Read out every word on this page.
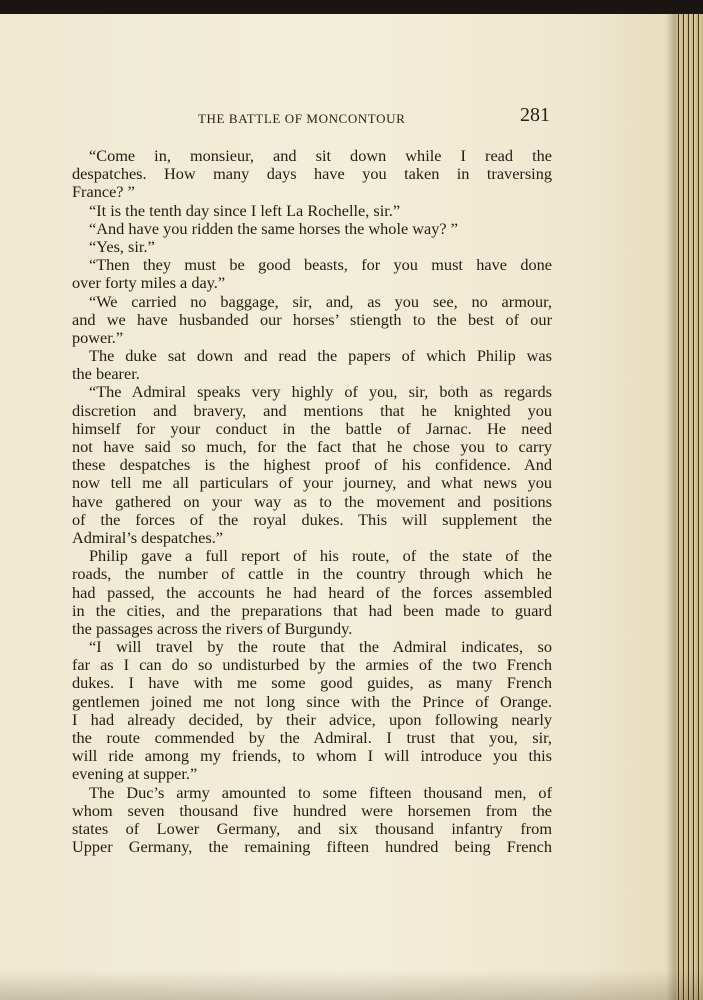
THE BATTLE OF MONCONTOUR	281
“Come in, monsieur, and sit down while I read the
despatches. How many days have you taken in traversing
France? ”
“It is the tenth day since I left La Rochelle, sir.”
“And have you ridden the same horses the whole way? ”
“Yes, sir.”
“Then they must be good beasts, for you must have done
over forty miles a day.”
“We carried no baggage, sir, and, as you see, no armour,
and we have husbanded our horses’ stiength to the best of our
power.”
The duke sat down and read the papers of which Philip was
the bearer.
“The Admiral speaks very highly of you, sir, both as regards
discretion and bravery, and mentions that he knighted you
himself for your conduct in the battle of Jarnac. He need
not have said so much, for the fact that he chose you to carry
these despatches is the highest proof of his confidence. And
now tell me all particulars of your journey, and what news you
have gathered on your way as to the movement and positions
of the forces of the royal dukes. This will supplement the
Admiral’s despatches.”
Philip gave a full report of his route, of the state of the
roads, the number of cattle in the country through which he
had passed, the accounts he had heard of the forces assembled
in the cities, and the preparations that had been made to guard
the passages across the rivers of Burgundy.
“I will travel by the route that the Admiral indicates, so
far as I can do so undisturbed by the armies of the two French
dukes. I have with me some good guides, as many French
gentlemen joined me not long since with the Prince of Orange.
I had already decided, by their advice, upon following nearly
the route commended by the Admiral. I trust that you, sir,
will ride among my friends, to whom I will introduce you this
evening at supper.”
The Duc’s army amounted to some fifteen thousand men, of
whom seven thousand five hundred were horsemen from the
states of Lower Germany, and six thousand infantry from
Upper Germany, the remaining fifteen hundred being French
